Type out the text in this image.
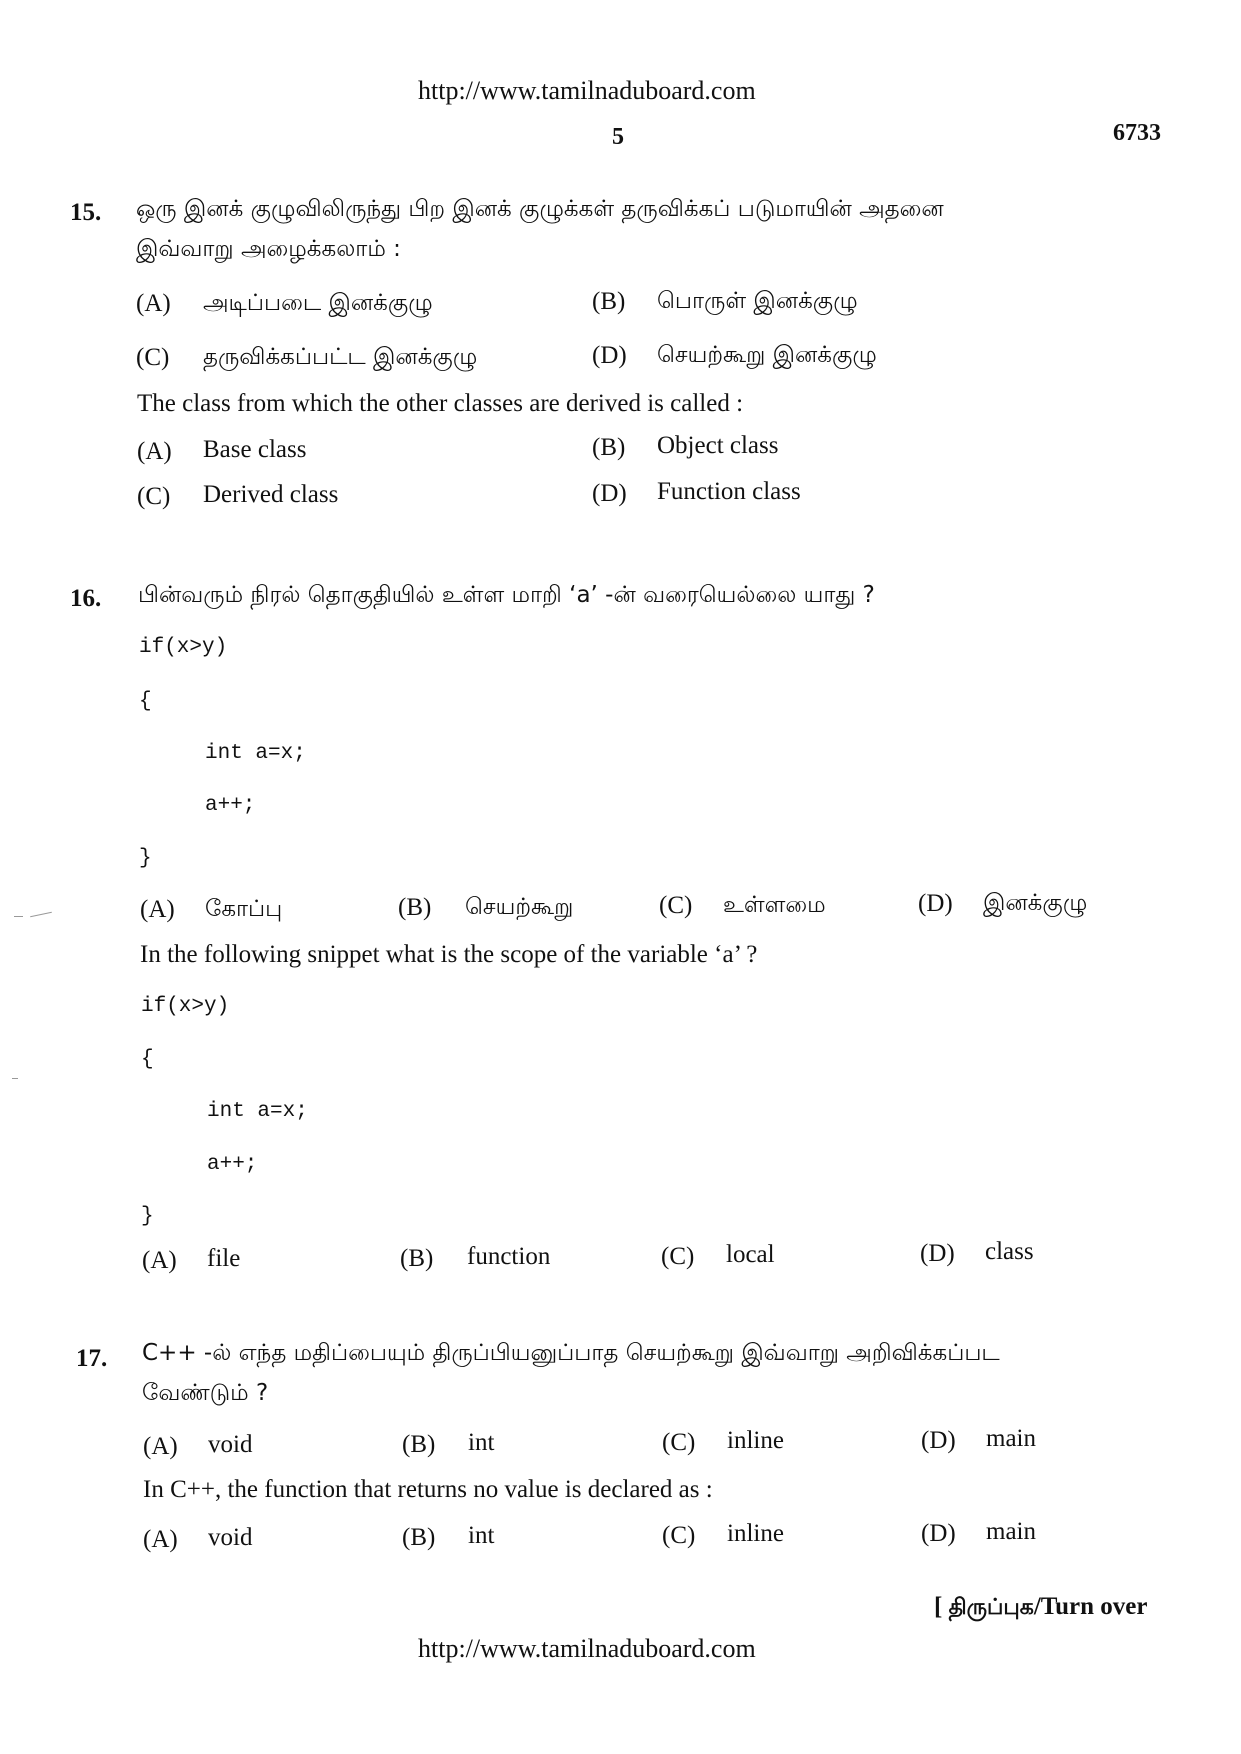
http://www.tamilnaduboard.com
5	6733
15. ஒரு இனக் குழுவிலிருந்து பிற இனக் குழுக்கள் தருவிக்கப் படுமாயின் அதனை
இவ்வாறு அழைக்கலாம் :
(A) அடிப்படை இனக்குழு	(B) பொருள் இனக்குழு
(C) தருவிக்கப்பட்ட இனக்குழு	(D) செயற்கூறு இனக்குழு
The class from which the other classes are derived is called :
(A) Base class	(B) Object class
(C) Derived class	(D) Function class
16. பின்வரும் நிரல் தொகுதியில் உள்ள மாறி ‘a’ -ன் வரையெல்லை யாது ?
if(x>y)
{
int a=x;
a++;
}
(A) கோப்பு	(B) செயற்கூறு	(C) உள்ளமை	(D) இனக்குழு
In the following snippet what is the scope of the variable ‘a’ ?
if(x>y)
{
int a=x;
a++;
}
(A) file	(B) function	(C) local	(D) class
17. C++ -ல் எந்த மதிப்பையும் திருப்பியனுப்பாத செயற்கூறு இவ்வாறு அறிவிக்கப்பட
வேண்டும் ?
(A) void	(B) int	(C) inline	(D) main
In C++, the function that returns no value is declared as :
(A) void	(B) int	(C) inline	(D) main
[ திருப்புக/Turn over
http://www.tamilnaduboard.com
